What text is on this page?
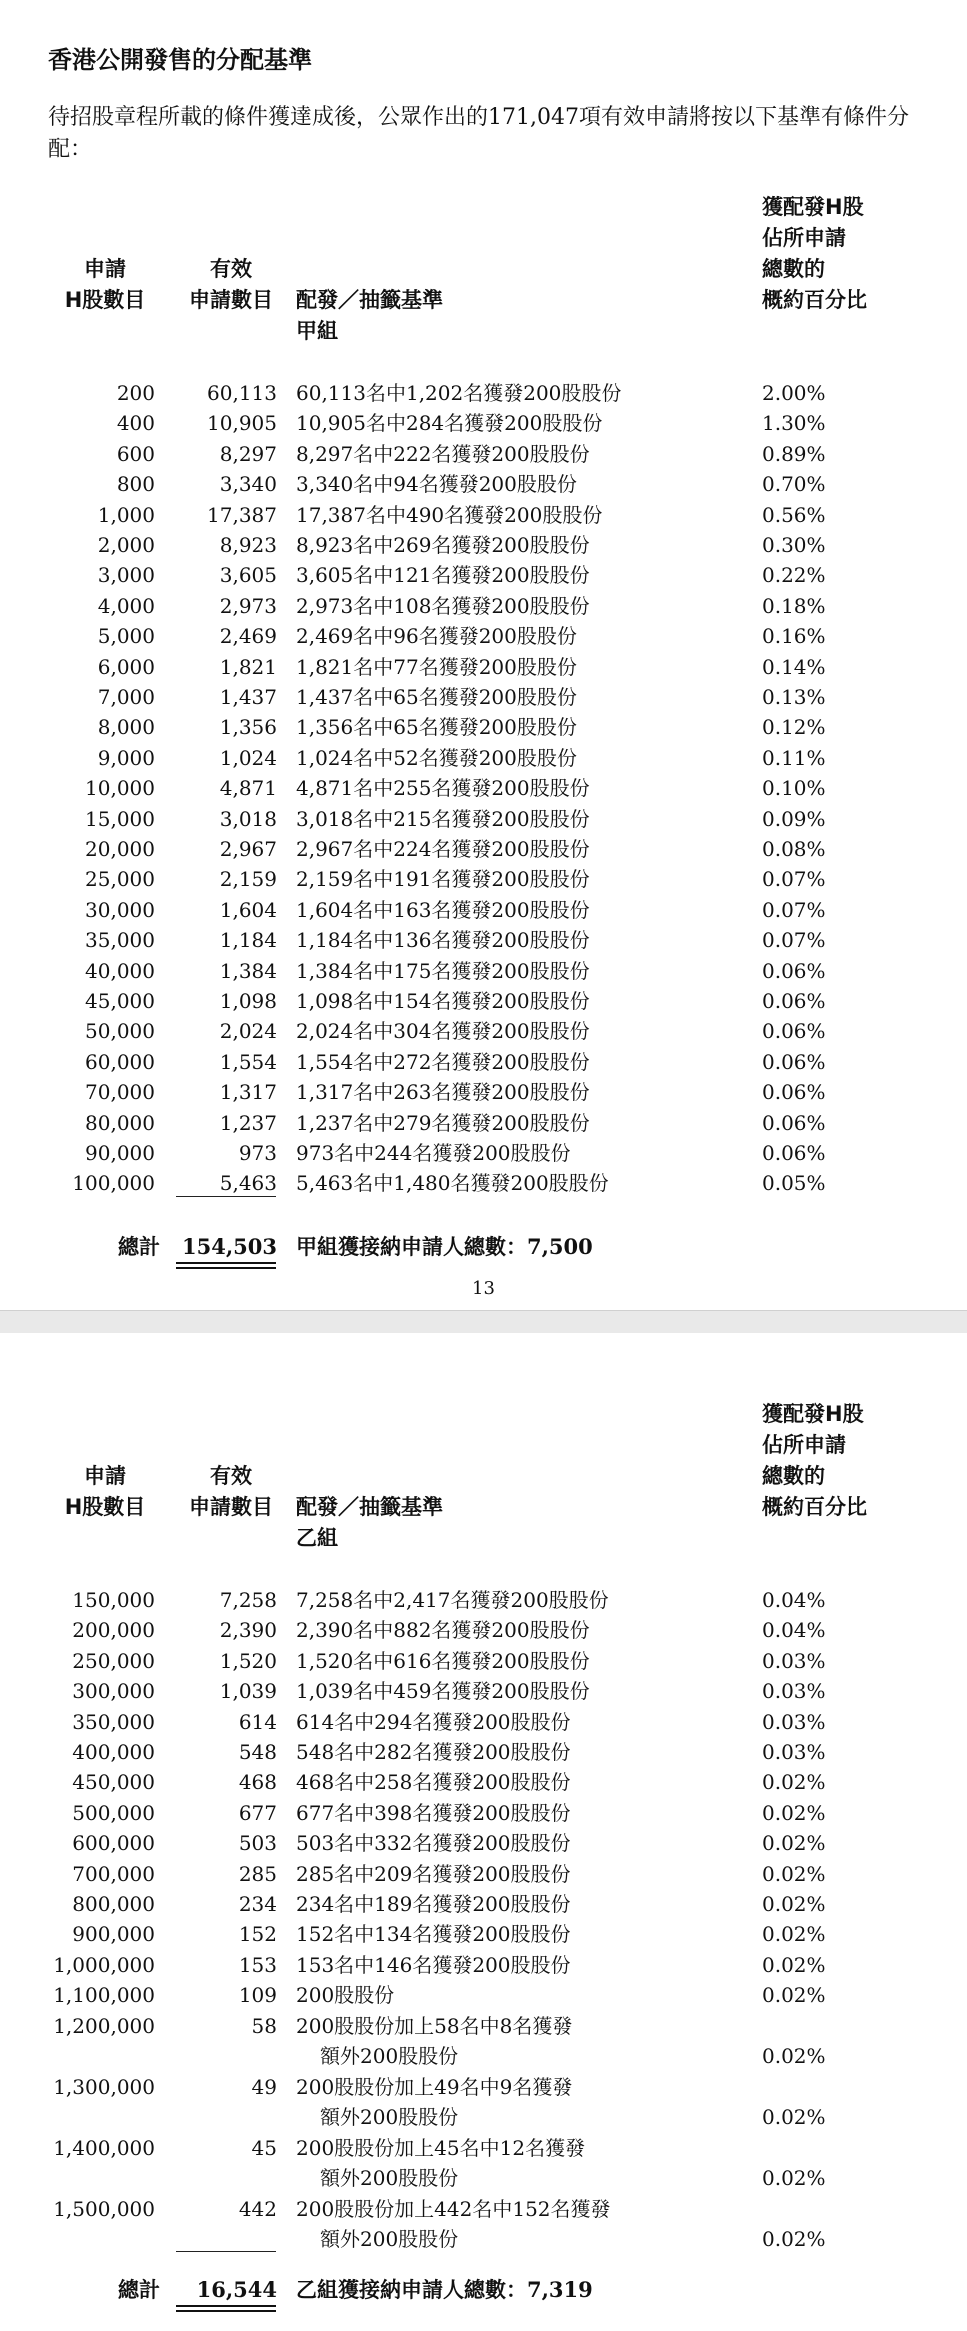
香港公開發售的分配基準
待招股章程所載的條件獲達成後，公眾作出的171,047項有效申請將按以下基準有條件分配：
申請
H股數目
有效
申請數目	配發／抽籤基準
甲組
獲配發H股
佔所申請
總數的
概約百分比
200	60,113 60,113名中1,202名獲發200股股份	2.00%
400	10,905 10,905名中284名獲發200股股份	1.30%
600	8,297 8,297名中222名獲發200股股份	0.89%
800	3,340 3,340名中94名獲發200股股份	0.70%
1,000	17,387 17,387名中490名獲發200股股份	0.56%
2,000	8,923 8,923名中269名獲發200股股份	0.30%
3,000	3,605 3,605名中121名獲發200股股份	0.22%
4,000	2,973 2,973名中108名獲發200股股份	0.18%
5,000	2,469 2,469名中96名獲發200股股份	0.16%
6,000	1,821 1,821名中77名獲發200股股份	0.14%
7,000	1,437 1,437名中65名獲發200股股份	0.13%
8,000	1,356 1,356名中65名獲發200股股份	0.12%
9,000	1,024 1,024名中52名獲發200股股份	0.11%
10,000	4,871 4,871名中255名獲發200股股份	0.10%
15,000	3,018 3,018名中215名獲發200股股份	0.09%
20,000	2,967 2,967名中224名獲發200股股份	0.08%
25,000	2,159 2,159名中191名獲發200股股份	0.07%
30,000	1,604 1,604名中163名獲發200股股份	0.07%
35,000	1,184 1,184名中136名獲發200股股份	0.07%
40,000	1,384 1,384名中175名獲發200股股份	0.06%
45,000	1,098 1,098名中154名獲發200股股份	0.06%
50,000	2,024 2,024名中304名獲發200股股份	0.06%
60,000	1,554 1,554名中272名獲發200股股份	0.06%
70,000	1,317 1,317名中263名獲發200股股份	0.06%
80,000	1,237 1,237名中279名獲發200股股份	0.06%
90,000	973 973名中244名獲發200股股份	0.06%
100,000	5,463 5,463名中1,480名獲發200股股份	0.05%
總計 154,503 甲組獲接納申請人總數：7,500
13
申請
H股數目
有效
申請數目	配發／抽籤基準
乙組
獲配發H股
佔所申請
總數的
概約百分比
150,000	7,258 7,258名中2,417名獲發200股股份	0.04%
200,000	2,390 2,390名中882名獲發200股股份	0.04%
250,000	1,520 1,520名中616名獲發200股股份	0.03%
300,000	1,039 1,039名中459名獲發200股股份	0.03%
350,000	614 614名中294名獲發200股股份	0.03%
400,000	548 548名中282名獲發200股股份	0.03%
450,000	468 468名中258名獲發200股股份	0.02%
500,000	677 677名中398名獲發200股股份	0.02%
600,000	503 503名中332名獲發200股股份	0.02%
700,000	285 285名中209名獲發200股股份	0.02%
800,000	234 234名中189名獲發200股股份	0.02%
900,000	152 152名中134名獲發200股股份	0.02%
1,000,000	153 153名中146名獲發200股股份	0.02%
1,100,000	109 200股股份	0.02%
1,200,000	58 200股股份加上58名中8名獲發
額外200股股份	0.02%
1,300,000	49 200股股份加上49名中9名獲發
額外200股股份	0.02%
1,400,000	45 200股股份加上45名中12名獲發
額外200股股份	0.02%
1,500,000	442 200股股份加上442名中152名獲發
額外200股股份	0.02%
總計 16,544 乙組獲接納申請人總數：7,319
